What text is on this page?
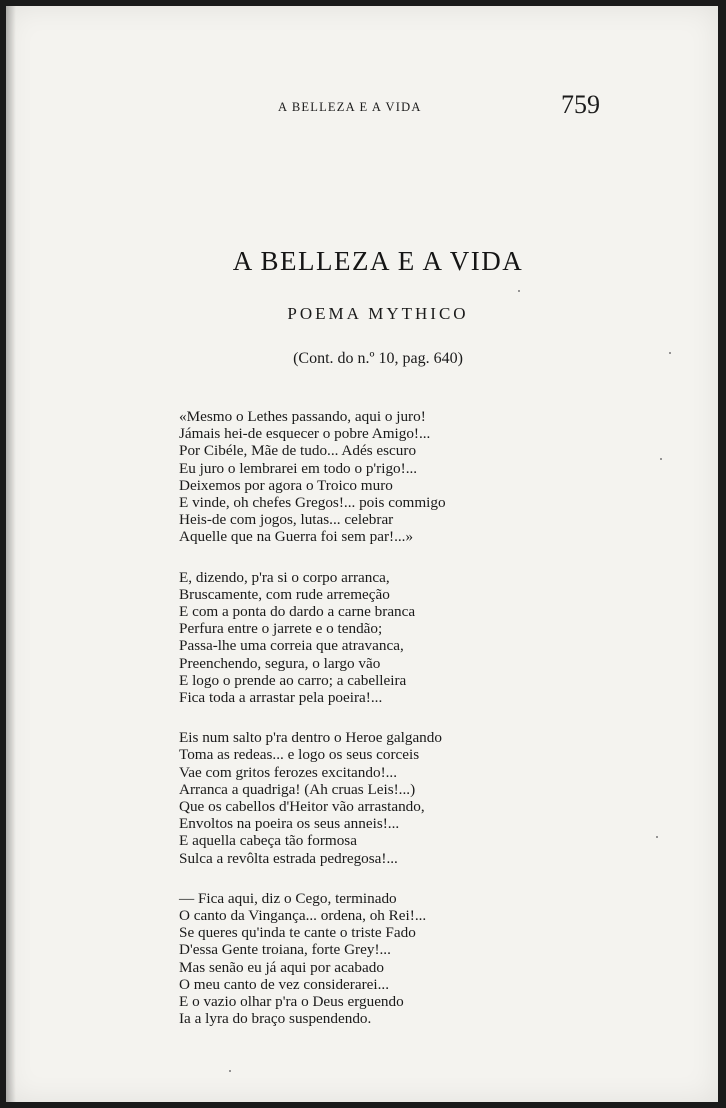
A BELLEZA E A VIDA	759
A BELLEZA E A VIDA
POEMA MYTHICO
(Cont. do n.º 10, pag. 640)
«Mesmo o Lethes passando, aqui o juro!
Jámais hei-de esquecer o pobre Amigo!...
Por Cibéle, Mãe de tudo... Adés escuro
Eu juro o lembrarei em todo o p'rigo!...
Deixemos por agora o Troico muro
E vinde, oh chefes Gregos!... pois commigo
Heis-de com jogos, lutas... celebrar
Aquelle que na Guerra foi sem par!...»
E, dizendo, p'ra si o corpo arranca,
Bruscamente, com rude arremeção
E com a ponta do dardo a carne branca
Perfura entre o jarrete e o tendão;
Passa-lhe uma correia que atravanca,
Preenchendo, segura, o largo vão
E logo o prende ao carro; a cabelleira
Fica toda a arrastar pela poeira!...
Eis num salto p'ra dentro o Heroe galgando
Toma as redeas... e logo os seus corceis
Vae com gritos ferozes excitando!...
Arranca a quadriga! (Ah cruas Leis!...)
Que os cabellos d'Heitor vão arrastando,
Envoltos na poeira os seus anneis!...
E aquella cabeça tão formosa
Sulca a revôlta estrada pedregosa!...
— Fica aqui, diz o Cego, terminado
O canto da Vingança... ordena, oh Rei!...
Se queres qu'inda te cante o triste Fado
D'essa Gente troiana, forte Grey!...
Mas senão eu já aqui por acabado
O meu canto de vez considerarei...
E o vazio olhar p'ra o Deus erguendo
Ia a lyra do braço suspendendo.
